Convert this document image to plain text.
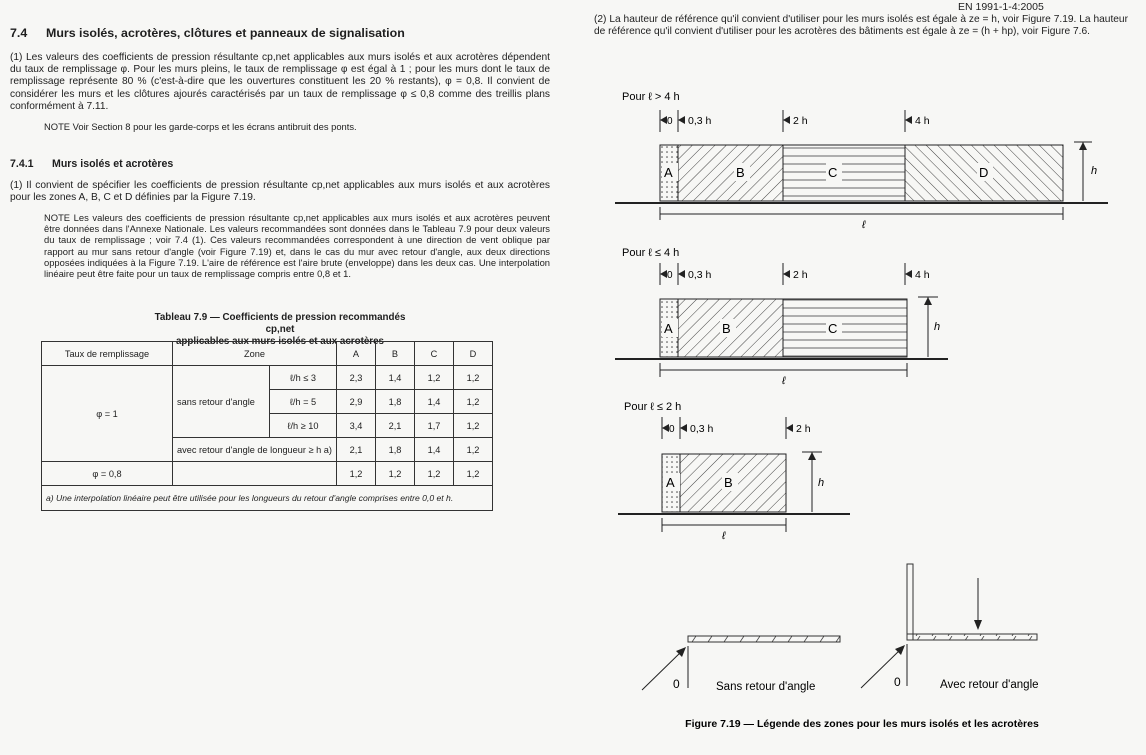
EN 1991-1-4:2005
7.4 Murs isolés, acrotères, clôtures et panneaux de signalisation

(1) Les valeurs des coefficients de pression résultante cp,net applicables aux murs isolés et aux acrotères dépendent du taux de remplissage φ. Pour les murs pleins, le taux de remplissage φ est égal à 1 ; pour les murs dont le taux de remplissage représente 80 % (c'est-à-dire que les ouvertures constituent les 20 % restants), φ = 0,8. Il convient de considérer les murs et les clôtures ajourés caractérisés par un taux de remplissage φ ≤ 0,8 comme des treillis plans conformément à 7.11.

NOTE Voir Section 8 pour les garde-corps et les écrans antibruit des ponts.

7.4.1 Murs isolés et acrotères

(1) Il convient de spécifier les coefficients de pression résultante cp,net applicables aux murs isolés et aux acrotères pour les zones A, B, C et D définies par la Figure 7.19.

NOTE Les valeurs des coefficients de pression résultante cp,net applicables aux murs isolés et aux acrotères peuvent être données dans l'Annexe Nationale. Les valeurs recommandées sont données dans le Tableau 7.9 pour deux valeurs du taux de remplissage ; voir 7.4 (1). Ces valeurs recommandées correspondent à une direction de vent oblique par rapport au mur sans retour d'angle (voir Figure 7.19) et, dans le cas du mur avec retour d'angle, aux deux directions opposées indiquées à la Figure 7.19. L'aire de référence est l'aire brute (enveloppe) dans les deux cas. Une interpolation linéaire peut être faite pour un taux de remplissage compris entre 0,8 et 1.

Tableau 7.9 — Coefficients de pression recommandés cp,net
applicables aux murs isolés et aux acrotères
Taux de remplissage	Zone		A	B	C	D
φ = 1	sans retour d'angle	ℓ/h ≤ 3	2,3	1,4	1,2	1,2
		ℓ/h = 5	2,9	1,8	1,4	1,2
		ℓ/h ≥ 10	3,4	2,1	1,7	1,2
	avec retour d'angle de longueur ≥ h a)		2,1	1,8	1,4	1,2
φ = 0,8			1,2	1,2	1,2	1,2
a) Une interpolation linéaire peut être utilisée pour les longueurs du retour d'angle comprises entre 0,0 et h.						

(2) La hauteur de référence qu'il convient d'utiliser pour les murs isolés est égale à ze = h, voir Figure 7.19. La hauteur de référence qu'il convient d'utiliser pour les acrotères des bâtiments est égale à ze = (h + hp), voir Figure 7.6.

Pour ℓ > 4 h
0 0,3 h	2 h	4 h
A	B	C	D	h
ℓ
Pour ℓ ≤ 4 h
0 0,3 h	2 h	4 h
A	B	C	h
ℓ
Pour ℓ ≤ 2 h
0 0,3 h	2 h
A	B	h
ℓ
0	Sans retour d'angle	0	Avec retour d'angle
Figure 7.19 — Légende des zones pour les murs isolés et les acrotères
